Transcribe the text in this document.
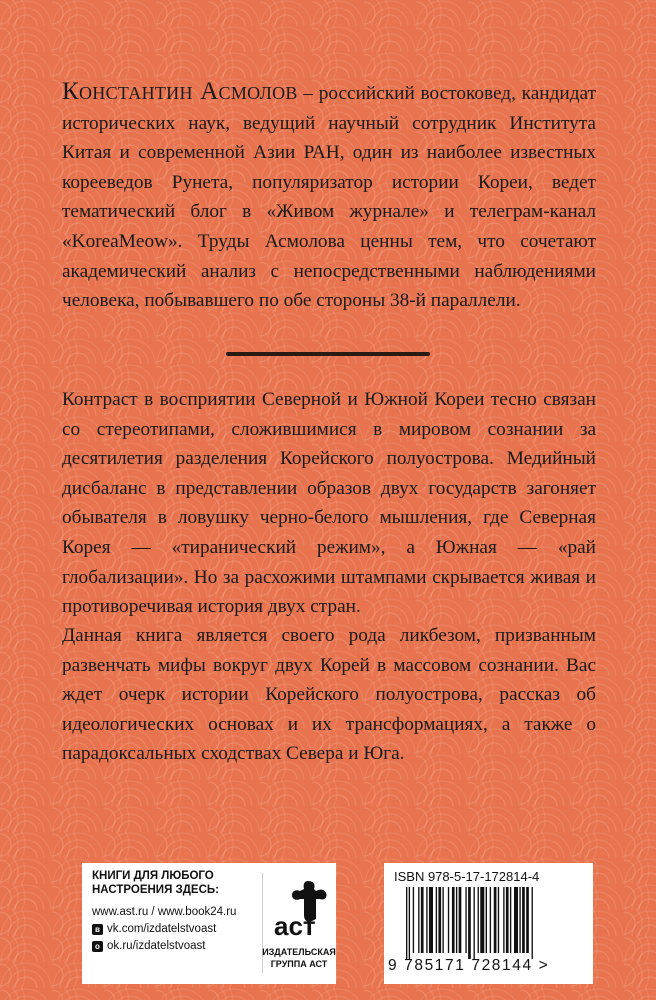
Константин Асмолов – российский востоковед, кандидат исторических наук, ведущий научный сотрудник Института Китая и современной Азии РАН, один из наиболее известных корееведов Рунета, популяризатор истории Кореи, ведет тематический блог в «Живом журнале» и телеграм-канал «KoreaMeow». Труды Асмолова ценны тем, что сочетают академический анализ с непосредственными наблюдениями человека, побывавшего по обе стороны 38-й параллели.
Контраст в восприятии Северной и Южной Кореи тесно связан со стереотипами, сложившимися в мировом сознании за десятилетия разделения Корейского полуострова. Медийный дисбаланс в представлении образов двух государств загоняет обывателя в ловушку черно-белого мышления, где Северная Корея — «тиранический режим», а Южная — «рай глобализации». Но за расхожими штампами скрывается живая и противоречивая история двух стран.
Данная книга является своего рода ликбезом, призванным развенчать мифы вокруг двух Корей в массовом сознании. Вас ждет очерк истории Корейского полуострова, рассказ об идеологических основах и их трансформациях, а также о парадоксальных сходствах Севера и Юга.
КНИГИ ДЛЯ ЛЮБОГО НАСТРОЕНИЯ ЗДЕСЬ:
www.ast.ru / www.book24.ru
в vk.com/izdatelstvoast
о ok.ru/izdatelstvoast
аст
ИЗДАТЕЛЬСКАЯ ГРУППА АСТ
ISBN 978-5-17-172814-4
9 785171 728144 >
